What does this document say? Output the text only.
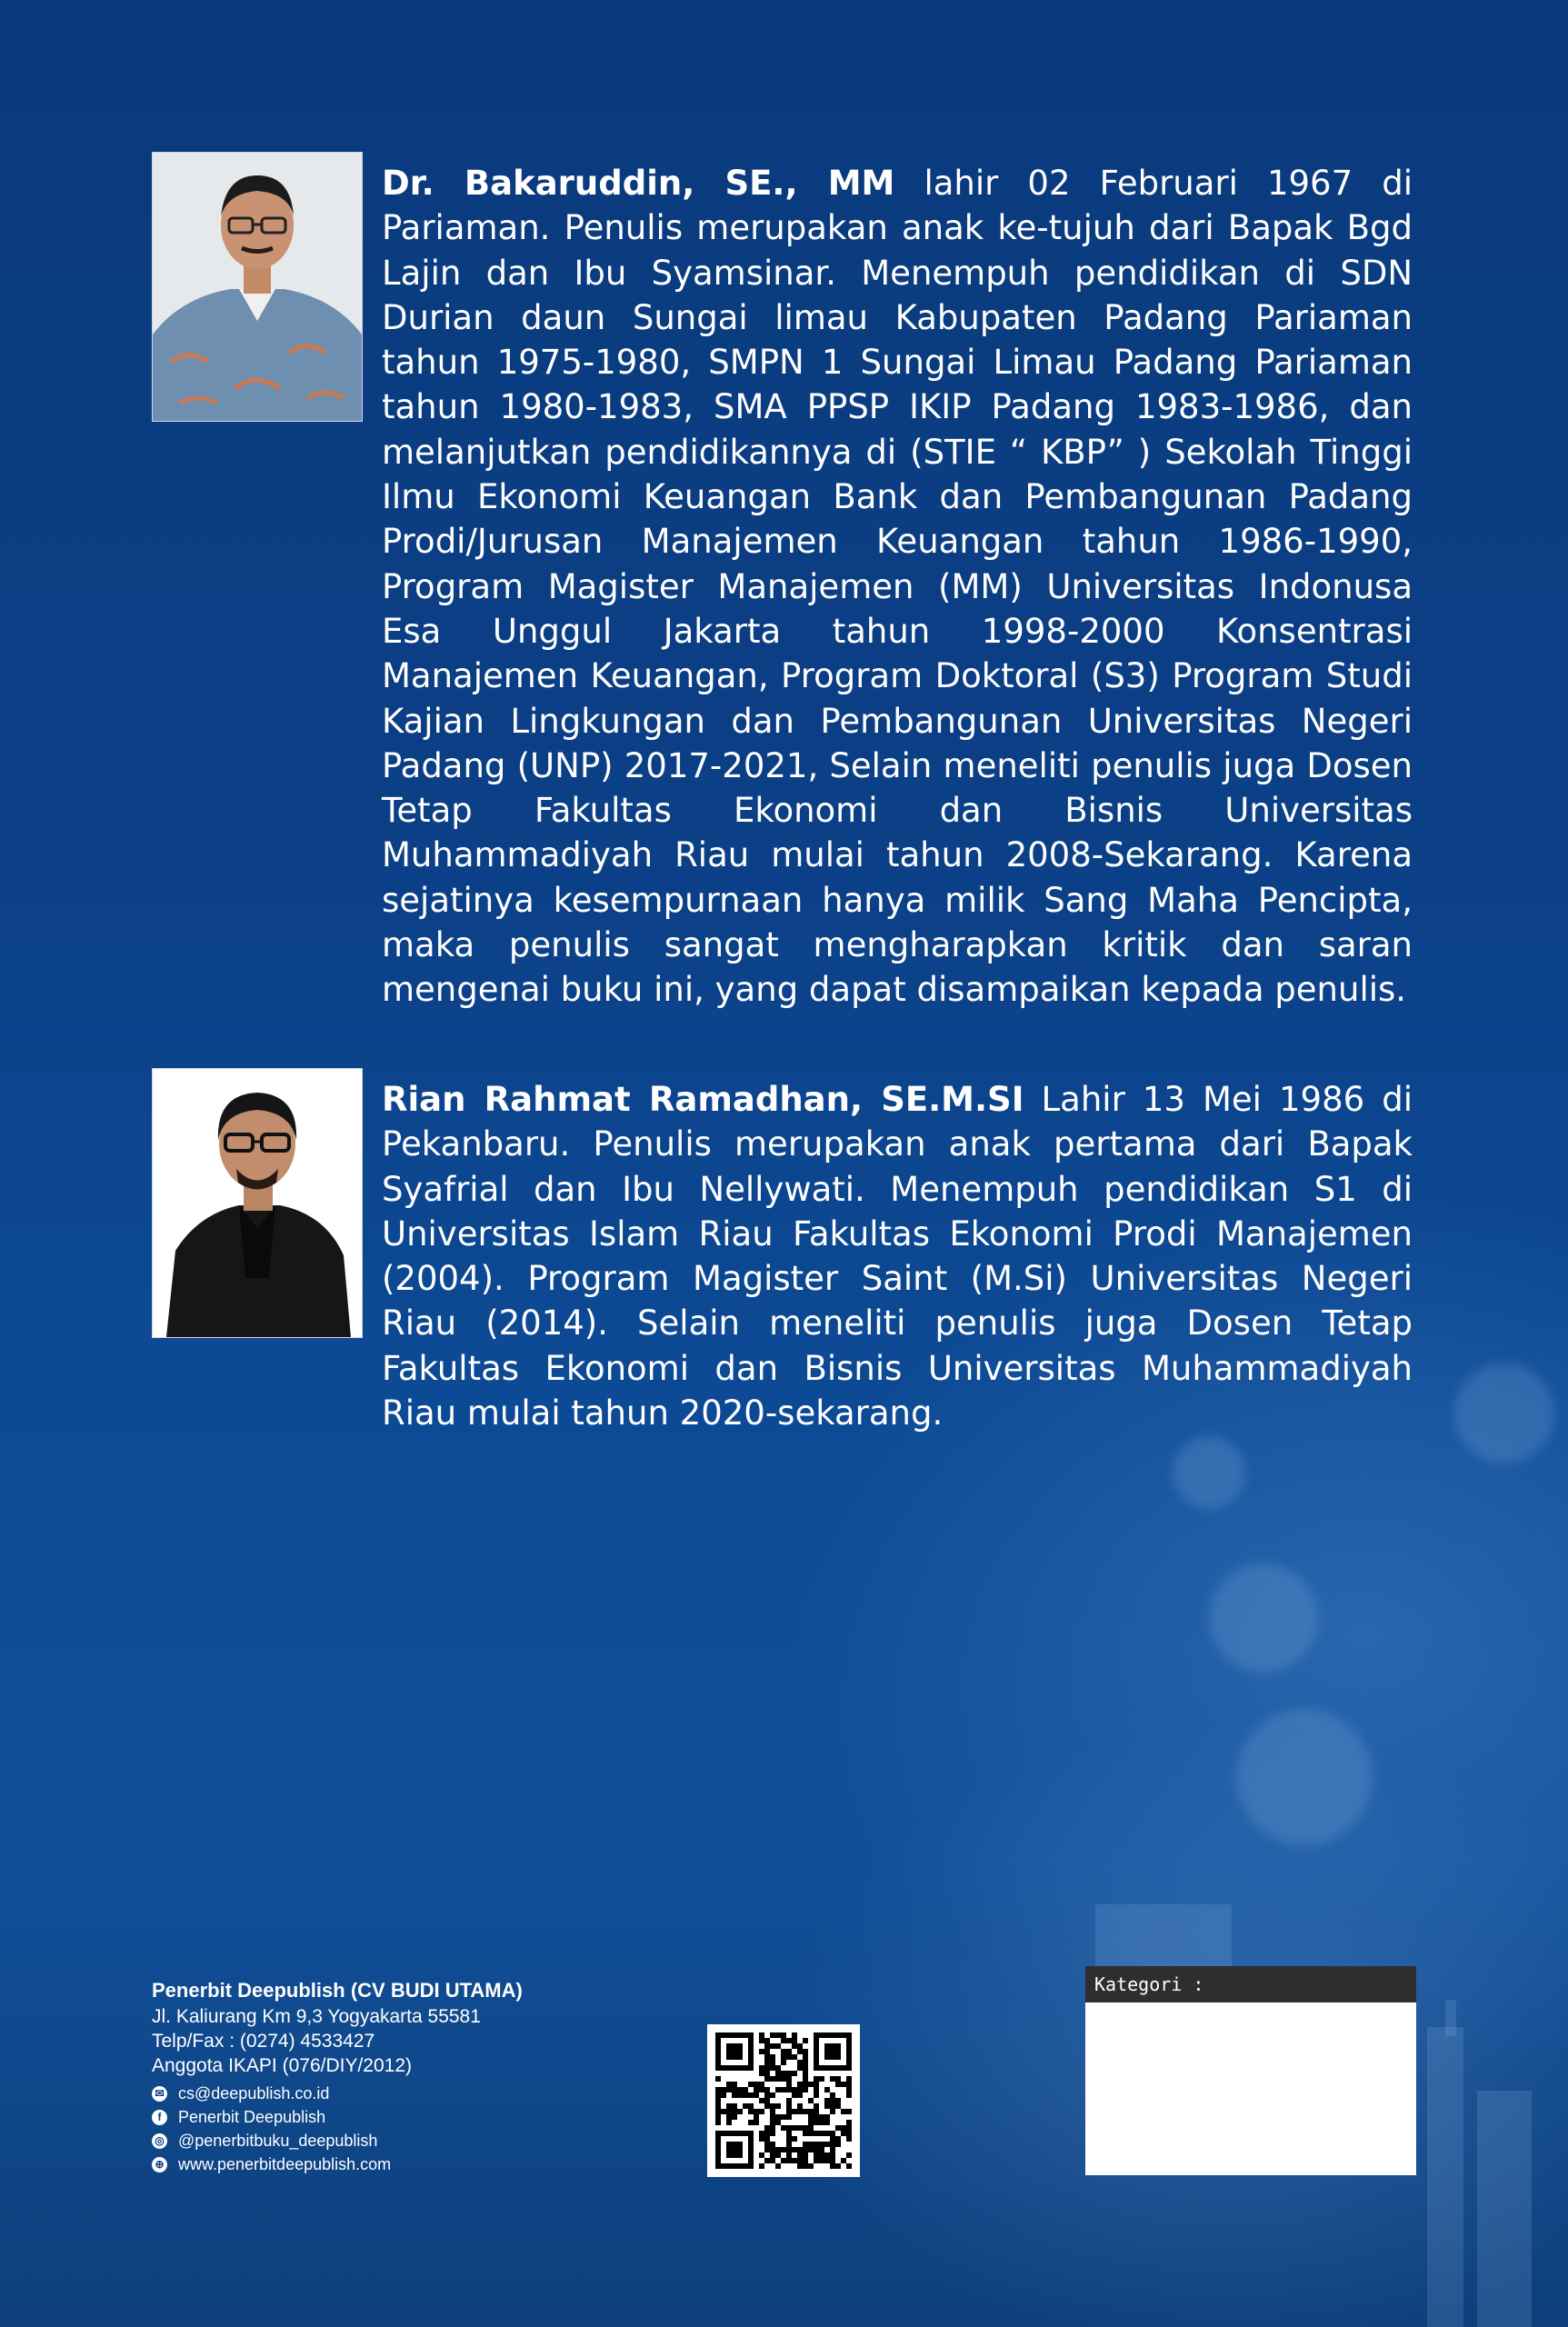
Dr. Bakaruddin, SE., MM lahir 02 Februari 1967 di Pariaman. Penulis merupakan anak ke-tujuh dari Bapak Bgd Lajin dan Ibu Syamsinar. Menempuh pendidikan di SDN Durian daun Sungai limau Kabupaten Padang Pariaman tahun 1975-1980, SMPN 1 Sungai Limau Padang Pariaman tahun 1980-1983, SMA PPSP IKIP Padang 1983-1986, dan melanjutkan pendidikannya di (STIE “ KBP” ) Sekolah Tinggi Ilmu Ekonomi Keuangan Bank dan Pembangunan Padang Prodi/Jurusan Manajemen Keuangan tahun 1986-1990, Program Magister Manajemen (MM) Universitas Indonusa Esa Unggul Jakarta tahun 1998-2000 Konsentrasi Manajemen Keuangan, Program Doktoral (S3) Program Studi Kajian Lingkungan dan Pembangunan Universitas Negeri Padang (UNP) 2017-2021, Selain meneliti penulis juga Dosen Tetap Fakultas Ekonomi dan Bisnis Universitas Muhammadiyah Riau mulai tahun 2008-Sekarang. Karena sejatinya kesempurnaan hanya milik Sang Maha Pencipta, maka penulis sangat mengharapkan kritik dan saran mengenai buku ini, yang dapat disampaikan kepada penulis.
Rian Rahmat Ramadhan, SE.M.SI Lahir 13 Mei 1986 di Pekanbaru. Penulis merupakan anak pertama dari Bapak Syafrial dan Ibu Nellywati. Menempuh pendidikan S1 di Universitas Islam Riau Fakultas Ekonomi Prodi Manajemen (2004). Program Magister Saint (M.Si) Universitas Negeri Riau (2014). Selain meneliti penulis juga Dosen Tetap Fakultas Ekonomi dan Bisnis Universitas Muhammadiyah Riau mulai tahun 2020-sekarang.
Penerbit Deepublish (CV BUDI UTAMA)
Jl. Kaliurang Km 9,3 Yogyakarta 55581
Telp/Fax : (0274) 4533427
Anggota IKAPI (076/DIY/2012)
✉ cs@deepublish.co.id
f	Penerbit Deepublish
◎ @penerbitbuku_deepublish
⊕ www.penerbitdeepublish.com
Kategori :
